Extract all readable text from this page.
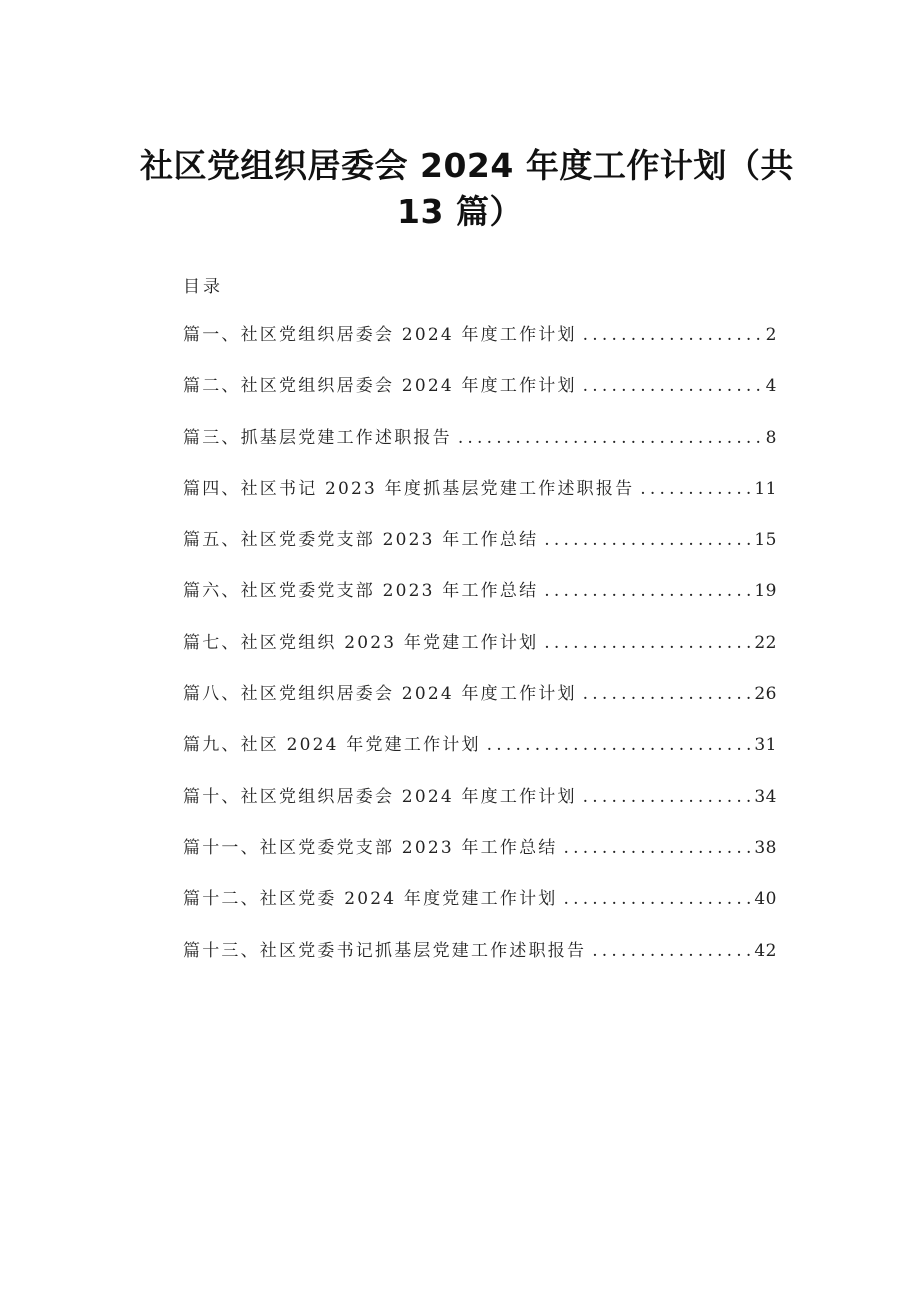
社区党组织居委会 2024 年度工作计划（共
13 篇）
目录
篇一、社区党组织居委会 2024 年度工作计划 .....	2
篇二、社区党组织居委会 2024 年度工作计划 .....	4
篇三、抓基层党建工作述职报告 .....	8
篇四、社区书记 2023 年度抓基层党建工作述职报告 .....	11
篇五、社区党委党支部 2023 年工作总结 .....	15
篇六、社区党委党支部 2023 年工作总结 .....	19
篇七、社区党组织 2023 年党建工作计划 .....	22
篇八、社区党组织居委会 2024 年度工作计划 .....	26
篇九、社区 2024 年党建工作计划 .....	31
篇十、社区党组织居委会 2024 年度工作计划 .....	34
篇十一、社区党委党支部 2023 年工作总结 .....	38
篇十二、社区党委 2024 年度党建工作计划 .....	40
篇十三、社区党委书记抓基层党建工作述职报告 .....	42
